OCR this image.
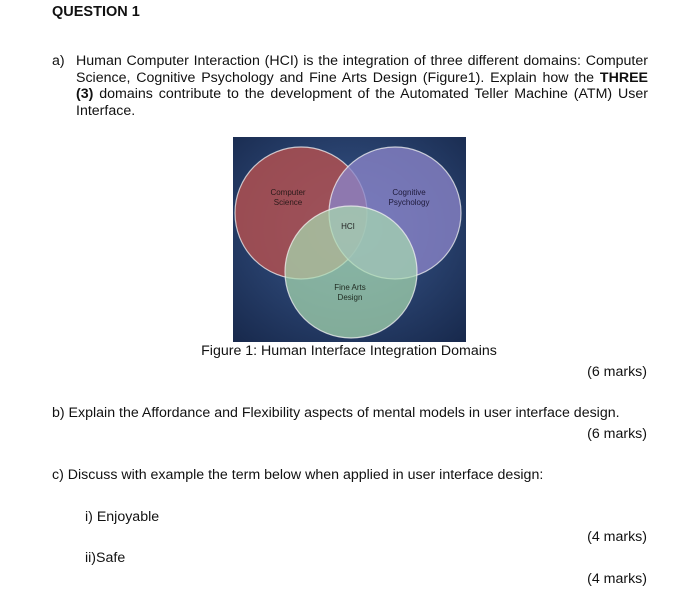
QUESTION 1
a) Human Computer Interaction (HCI) is the integration of three different domains: Computer Science, Cognitive Psychology and Fine Arts Design (Figure1). Explain how the THREE (3) domains contribute to the development of the Automated Teller Machine (ATM) User Interface.
Computer
Science
Cognitive
Psychology
HCI
Fine Arts
Design
Figure 1: Human Interface Integration Domains
(6 marks)
b) Explain the Affordance and Flexibility aspects of mental models in user interface design.
(6 marks)
c) Discuss with example the term below when applied in user interface design:
i) Enjoyable
(4 marks)
ii)Safe
(4 marks)
